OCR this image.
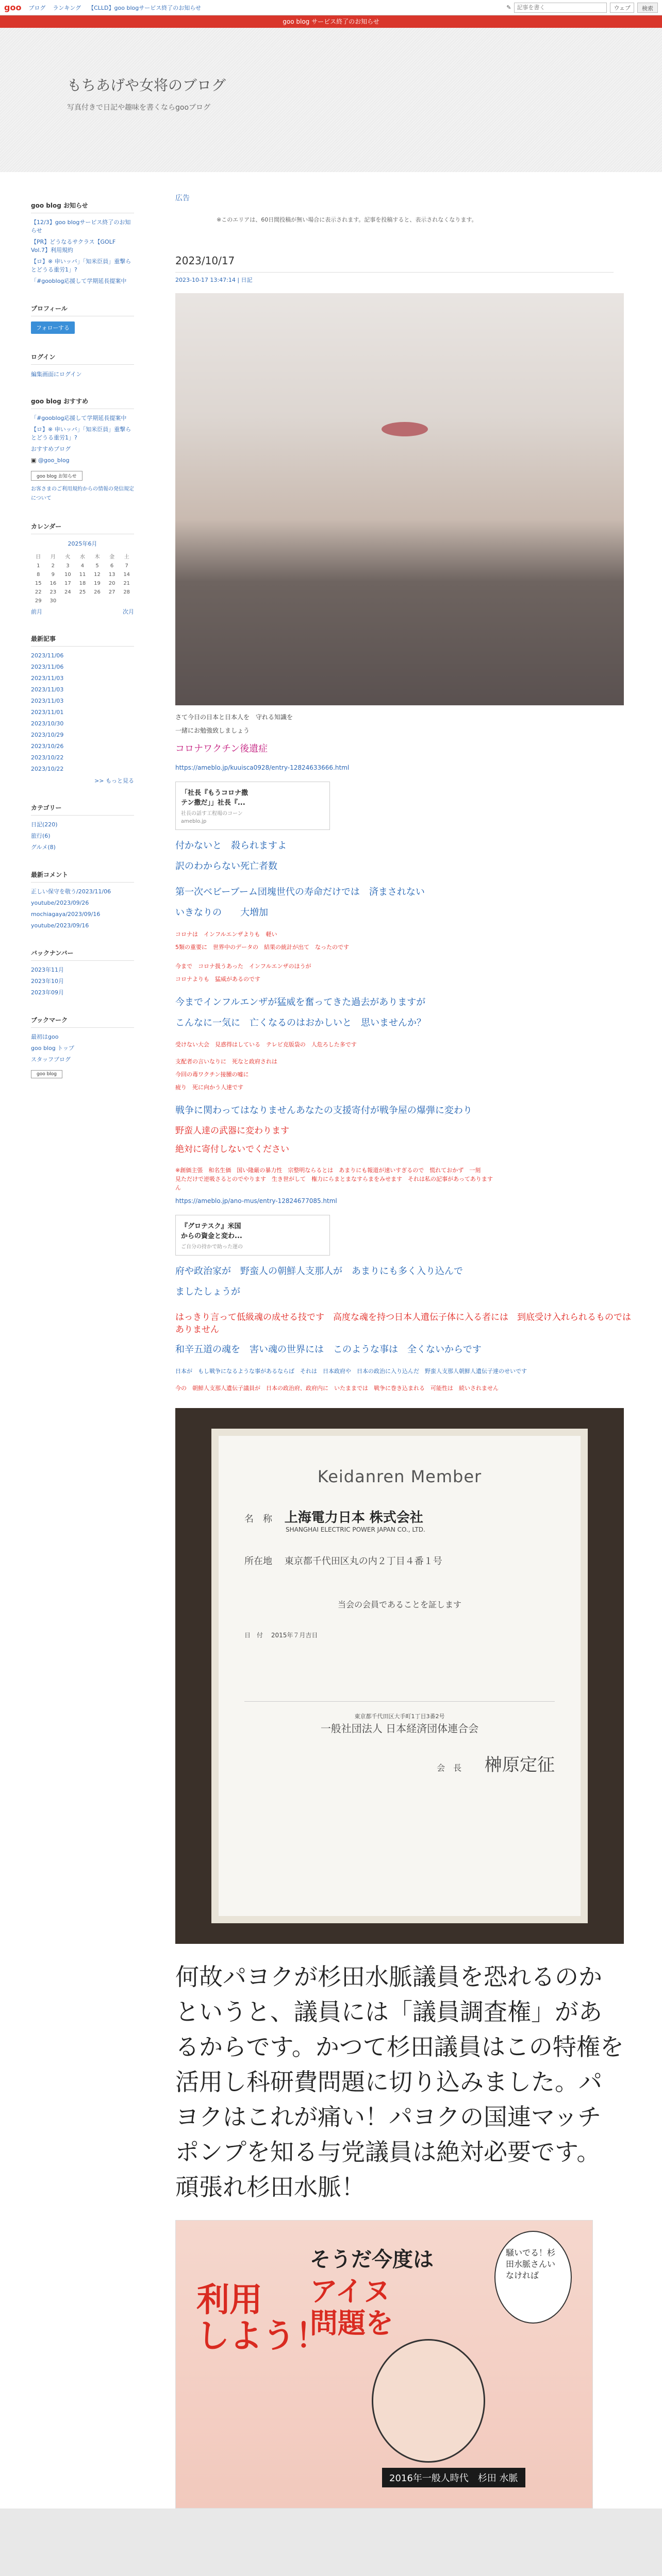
goo ブログ ランキング 【CLLD】goo blogサービス終了のお知らせ	✎
記事を書く	ウェブ	検索
goo blog サービス終了のお知らせ
もちあげや女将のブログ
写真付きで日記や趣味を書くならgooブログ
goo blog お知らせ
【12/3】goo blogサービス終了のお知らせ
【PR】どうなるサクラス【GOLF Vol.7】利用規約
【ロ】※ 申いッバ」「知米臣員」重撃らとどうる重労1」?
「#gooblog応援して学期延長提案中
プロフィール
フォローする
ログイン
編集画面にログイン
goo blog おすすめ
「#gooblog応援して学期延長提案中
【ロ】※ 申いッバ」「知米臣員」重撃らとどうる重労1」?
おすすめブログ
▣ @goo_blog
goo blog お知らせ
お客さまのご利用規約からの情報の発信規定について
カレンダー
2025年6月
日	月	火	水	木	金	土
1	2	3	4	5	6	7
8	9	10	11	12	13	14
15	16	17	18	19	20	21
22	23	24	25	26	27	28
29	30					
前月	次月
最新記事
2023/11/06
2023/11/06
2023/11/03
2023/11/03
2023/11/03
2023/11/01
2023/10/30
2023/10/29
2023/10/26
2023/10/22
2023/10/22
>> もっと見る
カテゴリー
日記(220)
旅行(6)
グルメ(8)
最新コメント
正しい保守を敬う/2023/11/06
youtube/2023/09/26
mochiagaya/2023/09/16
youtube/2023/09/16
バックナンバー
2023年11月
2023年10月
2023年09月
ブックマーク
最初はgoo
goo blog トップ
スタッフブログ
goo blog
広告
※このエリアは、60日間投稿が無い場合に表示されます。記事を投稿すると、表示されなくなります。
2023/10/17
2023-10-17 13:47:14 | 日記
さて今日の日本と日本人を　守れる知識を
一緒にお勉強致しましょう
コロナワクチン後遺症
https://ameblo.jp/kuuisca0928/entry-12824633666.html
「社長『もうコロナ撒
テン撒だ」」社長『...
社長の話す工程場のコーン
ameblo.jp
付かないと　殺られますよ
訳のわからない死亡者数
第一次ベビーブーム団塊世代の寿命だけでは　済まされない
いきなりの　　大増加
コロナは　インフルエンザよりも　軽い
5類の重要に　世界中のデータの　結果の統計が出て　なったのです
今まで　コロナ扱うあった　インフルエンザのほうが
コロナよりも　猛威があるのです
今までインフルエンザが猛威を奮ってきた過去がありますが
こんなに一気に　亡くなるのはおかしいと　思いませんか？
受けない大会　見惑得はしている　テレビ克版袋の　人危ろした多です
支配者の言いなりに　死なと政府されは
今回の毒ワクチン接腫の嘘に
疲り　死に向かう人達です
戦争に関わってはなりませんあなたの支援寄付が戦争屋の爆弾に変わり
野蛮人達の武器に変わります
絶対に寄付しないでください
※創価主張　和名生価　国い隆厳の暴力性　宗整明ならるとは　あまりにも報道が速いすぎるので　慌れておかず　一刻
見ただけで逆吸さるとのでやります　生き世がして　権力にらまとまなすらまをみせます　それは私の記事があってあります
ん
https://ameblo.jp/ano-mus/entry-12824677085.html
『グロテスク』米国
からの資金と変わ...
ご自分の持かで助った運の
府や政治家が　野蛮人の朝鮮人支那人が　あまりにも多く入り込んで
ましたしょうが
はっきり言って低級魂の成せる技です　高度な魂を持つ日本人遺伝子体に入る者には　到底受け入れられるものではありません
和辛五道の魂を　害い魂の世界には　このような事は　全くないからです
日本が　もし戦争になるような事があるならば　それは　日本政府や　日本の政治に入り込んだ　野蛮人支那人朝鮮人遺伝子達のせいです
今の　朝鮮人支那人遺伝子議員が　日本の政治府、政府内に　いたままでは　戦争に巻き込まれる　可能性は　続いされません
Keidanren Member
名　称　 上海電力日本 株式会社
SHANGHAI ELECTRIC POWER JAPAN CO., LTD.
所在地　 東京都千代田区丸の内２丁目４番１号
当会の会員であることを証します
日　付　 2015年７月吉日
東京都千代田区大手町1丁目3番2号
一般社団法人 日本経済団体連合会
会　長　 榊原定征
何故パヨクが杉田水脈議員を恐れるのかというと、議員には「議員調査権」があるからです。かつて杉田議員はこの特権を活用し科研費問題に切り込みました。パヨクはこれが痛い！パヨクの国連マッチポンプを知る与党議員は絶対必要です。頑張れ杉田水脈！
利用
しよう！
そうだ今度は
アイヌ
問題を
騒いでる！杉田水脈さんいなければ
2016年一般人時代　杉田 水脈
